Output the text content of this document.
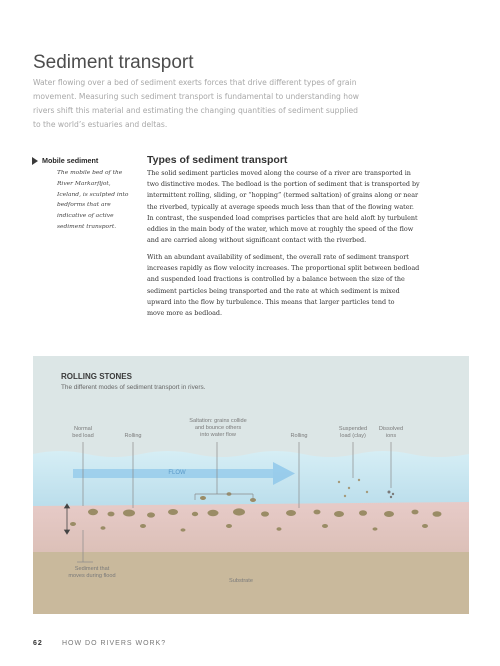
Sediment transport
Water flowing over a bed of sediment exerts forces that drive different types of grain
movement. Measuring such sediment transport is fundamental to understanding how
rivers shift this material and estimating the changing quantities of sediment supplied
to the world’s estuaries and deltas.
Mobile sediment
The mobile bed of the
River Markarfljot,
Iceland, is sculpted into
bedforms that are
indicative of active
sediment transport.
Types of sediment transport
The solid sediment particles moved along the course of a river are transported in
two distinctive modes. The bedload is the portion of sediment that is transported by
intermittent rolling, sliding, or “hopping” (termed saltation) of grains along or near
the riverbed, typically at average speeds much less than that of the flowing water.
In contrast, the suspended load comprises particles that are held aloft by turbulent
eddies in the main body of the water, which move at roughly the speed of the flow
and are carried along without significant contact with the riverbed.
With an abundant availability of sediment, the overall rate of sediment transport
increases rapidly as flow velocity increases. The proportional split between bedload
and suspended load fractions is controlled by a balance between the size of the
sediment particles being transported and the rate at which sediment is mixed
upward into the flow by turbulence. This means that larger particles tend to
move more as bedload.
ROLLING STONES
The different modes of sediment transport in rivers.
Normal
bed load	Rolling
Saltation: grains collide
and bounce others
into water flow	Rolling
Suspended
load (clay)
Dissolved
ions
FLOW
Sediment that
moves during flood
Substrate
62	HOW DO RIVERS WORK?
